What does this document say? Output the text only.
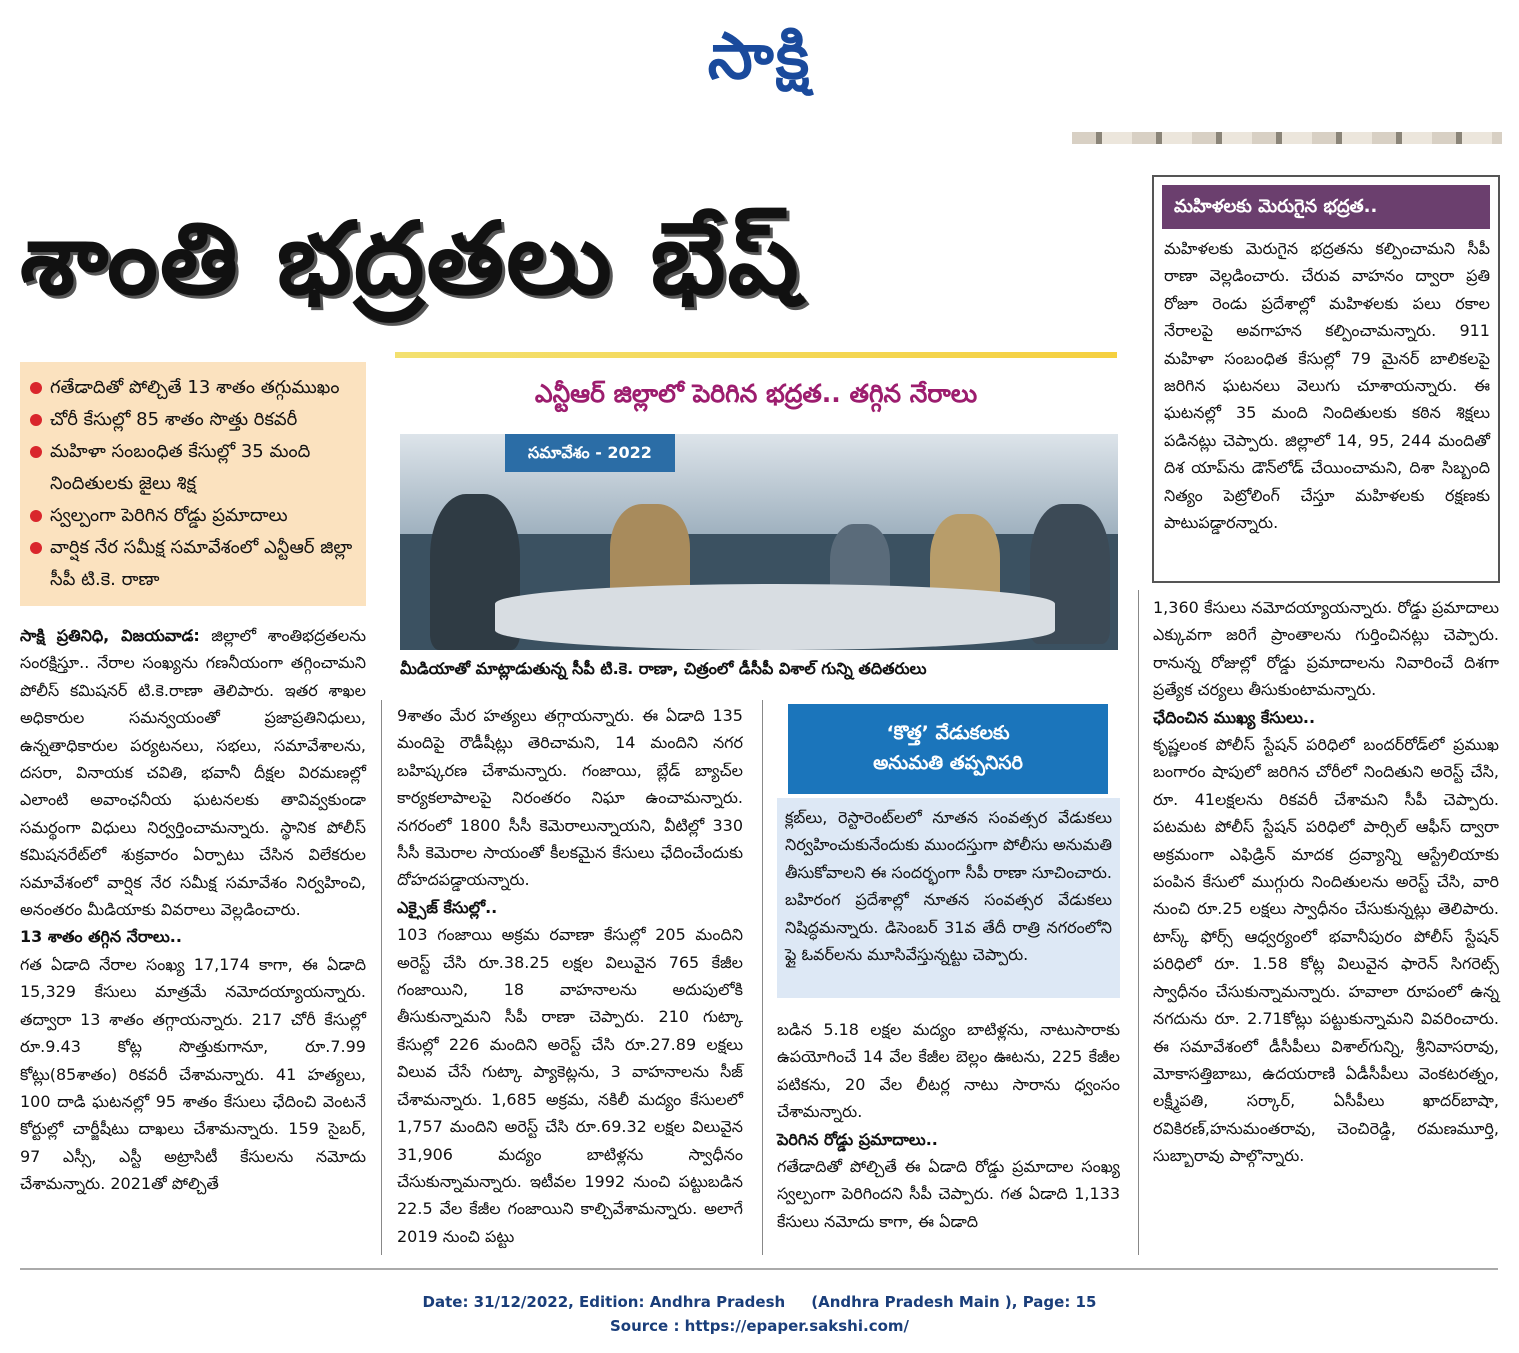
సాక్షి
శాంతి భద్రతలు భేష్
గతేడాదితో పోల్చితే 13 శాతం తగ్గుముఖం
చోరీ కేసుల్లో 85 శాతం సొత్తు రికవరీ
మహిళా సంబంధిత కేసుల్లో 35 మంది నిందితులకు జైలు శిక్ష
స్వల్పంగా పెరిగిన రోడ్డు ప్రమాదాలు
వార్షిక నేర సమీక్ష సమావేశంలో ఎన్టీఆర్‌ జిల్లా సీపీ టి.కె. రాణా
ఎన్టీఆర్‌ జిల్లాలో పెరిగిన భద్రత.. తగ్గిన నేరాలు
సమావేశం - 2022
మీడియాతో మాట్లాడుతున్న సీపీ టి.కె. రాణా, చిత్రంలో డీసీపీ విశాల్‌ గున్ని తదితరులు

సాక్షి ప్రతినిధి, విజయవాడ: జిల్లాలో శాంతిభద్రతలను సంరక్షిస్తూ.. నేరాల సంఖ్యను గణనీయంగా తగ్గించామని పోలీస్‌ కమిషనర్‌ టి.కె.రాణా తెలిపారు. ఇతర శాఖల అధికారుల సమన్వయంతో ప్రజాప్రతినిధులు, ఉన్నతాధికారుల పర్యటనలు, సభలు, సమావేశాలను, దసరా, వినాయక చవితి, భవానీ దీక్షల విరమణల్లో ఎలాంటి అవాంఛనీయ ఘటనలకు తావివ్వకుండా సమర్థంగా విధులు నిర్వర్తించామన్నారు. స్థానిక పోలీస్‌ కమిషనరేట్‌లో శుక్రవారం ఏర్పాటు చేసిన విలేకరుల సమావేశంలో వార్షిక నేర సమీక్ష సమావేశం నిర్వహించి, అనంతరం మీడియాకు వివరాలు వెల్లడించారు.

13 శాతం తగ్గిన నేరాలు..

గత ఏడాది నేరాల సంఖ్య 17,174 కాగా, ఈ ఏడాది 15,329 కేసులు మాత్రమే నమోదయ్యాయన్నారు. తద్వారా 13 శాతం తగ్గాయన్నారు. 217 చోరీ కేసుల్లో రూ.9.43 కోట్ల సొత్తుకుగానూ, రూ.7.99 కోట్లు(85శాతం) రికవరీ చేశామన్నారు. 41 హత్యలు, 100 దాడి ఘటనల్లో 95 శాతం కేసులు ఛేదించి వెంటనే కోర్టుల్లో చార్జీషీటు దాఖలు చేశామన్నారు. 159 సైబర్‌, 97 ఎస్సీ, ఎస్టీ అట్రాసిటీ కేసులను నమోదు చేశామన్నారు. 2021తో పోల్చితే

9శాతం మేర హత్యలు తగ్గాయన్నారు. ఈ ఏడాది 135 మందిపై రౌడీషీట్లు తెరిచామని, 14 మందిని నగర బహిష్కరణ చేశామన్నారు. గంజాయి, బ్లేడ్‌ బ్యాచ్‌ల కార్యకలాపాలపై నిరంతరం నిఘా ఉంచామన్నారు. నగరంలో 1800 సీసీ కెమెరాలున్నాయని, వీటిల్లో 330 సీసీ కెమెరాల సాయంతో కీలకమైన కేసులు ఛేదించేందుకు దోహదపడ్డాయన్నారు.

ఎక్సైజ్‌ కేసుల్లో..

103 గంజాయి అక్రమ రవాణా కేసుల్లో 205 మందిని అరెస్ట్‌ చేసి రూ.38.25 లక్షల విలువైన 765 కేజీల గంజాయిని, 18 వాహనాలను అదుపులోకి తీసుకున్నామని సీపీ రాణా చెప్పారు. 210 గుట్కా కేసుల్లో 226 మందిని అరెస్ట్‌ చేసి రూ.27.89 లక్షలు విలువ చేసే గుట్కా ప్యాకెట్లను, 3 వాహనాలను సీజ్‌ చేశామన్నారు. 1,685 అక్రమ, నకిలీ మద్యం కేసులలో 1,757 మందిని అరెస్ట్‌ చేసి రూ.69.32 లక్షల విలువైన 31,906 మద్యం బాటిళ్లను స్వాధీనం చేసుకున్నామన్నారు. ఇటీవల 1992 నుంచి పట్టుబడిన 22.5 వేల కేజీల గంజాయిని కాల్చివేశామన్నారు. అలాగే 2019 నుంచి పట్టు

‘కొత్త’ వేడుకలకు
అనుమతి తప్పనిసరి
క్లబ్‌లు, రెస్టారెంట్‌లలో నూతన సంవత్సర వేడుకలు నిర్వహించుకునేందుకు ముందస్తుగా పోలీసు అనుమతి తీసుకోవాలని ఈ సందర్భంగా సీపీ రాణా సూచించారు. బహిరంగ ప్రదేశాల్లో నూతన సంవత్సర వేడుకలు నిషిద్ధమన్నారు. డిసెంబర్‌ 31వ తేదీ రాత్రి నగరంలోని ఫ్లై ఓవర్‌లను మూసివేస్తున్నట్టు చెప్పారు.

బడిన 5.18 లక్షల మద్యం బాటిళ్లను, నాటుసారాకు ఉపయోగించే 14 వేల కేజీల బెల్లం ఊటను, 225 కేజీల పటికను, 20 వేల లీటర్ల నాటు సారాను ధ్వంసం చేశామన్నారు.

పెరిగిన రోడ్డు ప్రమాదాలు..

గతేడాదితో పోల్చితే ఈ ఏడాది రోడ్డు ప్రమాదాల సంఖ్య స్వల్పంగా పెరిగిందని సీపీ చెప్పారు. గత ఏడాది 1,133 కేసులు నమోదు కాగా, ఈ ఏడాది

మహిళలకు మెరుగైన భద్రత..
మహిళలకు మెరుగైన భద్రతను కల్పించామని సీపీ రాణా వెల్లడించారు. చేరువ వాహనం ద్వారా ప్రతి రోజూ రెండు ప్రదేశాల్లో మహిళలకు పలు రకాల నేరాలపై అవగాహన కల్పించామన్నారు. 911 మహిళా సంబంధిత కేసుల్లో 79 మైనర్‌ బాలికలపై జరిగిన ఘటనలు వెలుగు చూశాయన్నారు. ఈ ఘటనల్లో 35 మంది నిందితులకు కఠిన శిక్షలు పడినట్లు చెప్పారు. జిల్లాలో 14, 95, 244 మందితో దిశ యాప్‌ను డౌన్‌లోడ్‌ చేయించామని, దిశా సిబ్బంది నిత్యం పెట్రోలింగ్‌ చేస్తూ మహిళలకు రక్షణకు పాటుపడ్డారన్నారు.

1,360 కేసులు నమోదయ్యాయన్నారు. రోడ్డు ప్రమాదాలు ఎక్కువగా జరిగే ప్రాంతాలను గుర్తించినట్లు చెప్పారు. రానున్న రోజుల్లో రోడ్డు ప్రమాదాలను నివారించే దిశగా ప్రత్యేక చర్యలు తీసుకుంటామన్నారు.

ఛేదించిన ముఖ్య కేసులు..

కృష్ణలంక పోలీస్‌ స్టేషన్‌ పరిధిలో బందర్‌రోడ్‌లో ప్రముఖ బంగారం షాపులో జరిగిన చోరీలో నిందితుని అరెస్ట్‌ చేసి, రూ. 41లక్షలను రికవరీ చేశామని సీపీ చెప్పారు. పటమట పోలీస్‌ స్టేషన్‌ పరిధిలో పార్సిల్‌ ఆఫీస్‌ ద్వారా అక్రమంగా ఎఫిడ్రిన్‌ మాదక ద్రవ్యాన్ని ఆస్ట్రేలియాకు పంపిన కేసులో ముగ్గురు నిందితులను అరెస్ట్‌ చేసి, వారి నుంచి రూ.25 లక్షలు స్వాధీనం చేసుకున్నట్లు తెలిపారు. టాస్క్‌ ఫోర్స్‌ ఆధ్వర్యంలో భవానీపురం పోలీస్‌ స్టేషన్‌ పరిధిలో రూ. 1.58 కోట్ల విలువైన ఫారెన్‌ సిగరెట్స్‌ స్వాధీనం చేసుకున్నామన్నారు. హవాలా రూపంలో ఉన్న నగదును రూ. 2.71కోట్లు పట్టుకున్నామని వివరించారు. ఈ సమావేశంలో డీసీపీలు విశాల్‌గున్ని, శ్రీనివాసరావు, మోకాసత్తిబాబు, ఉదయరాణి ఏడీసీపీలు వెంకటరత్నం, లక్ష్మీపతి, సర్కార్‌, ఏసీపీలు ఖాదర్‌బాషా, రవికిరణ్‌,హనుమంతరావు, చెంచిరెడ్డి, రమణమూర్తి, సుబ్బారావు పాల్గొన్నారు.

Date: 31/12/2022, Edition: Andhra Pradesh     (Andhra Pradesh Main ), Page: 15
Source : https://epaper.sakshi.com/
